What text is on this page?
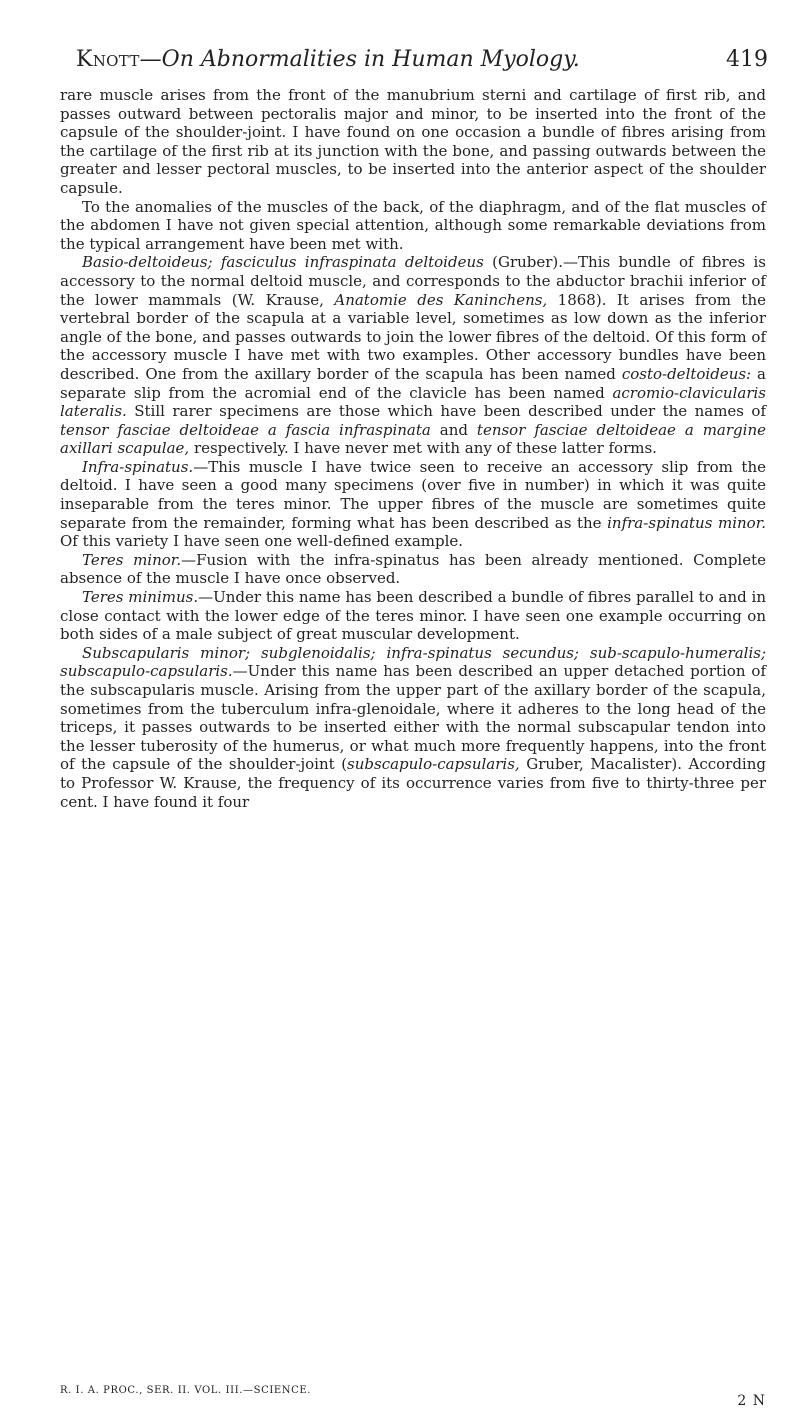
Knott—On Abnormalities in Human Myology.	419

rare muscle arises from the front of the manubrium sterni and cartilage of first rib, and passes outward between pectoralis major and minor, to be inserted into the front of the capsule of the shoulder-joint. I have found on one occasion a bundle of fibres arising from the cartilage of the first rib at its junction with the bone, and passing outwards between the greater and lesser pectoral muscles, to be inserted into the anterior aspect of the shoulder capsule.

To the anomalies of the muscles of the back, of the diaphragm, and of the flat muscles of the abdomen I have not given special attention, although some remarkable deviations from the typical arrangement have been met with.

Basio-deltoideus; fasciculus infraspinata deltoideus (Gruber).—This bundle of fibres is accessory to the normal deltoid muscle, and corresponds to the abductor brachii inferior of the lower mammals (W. Krause, Anatomie des Kaninchens, 1868). It arises from the vertebral border of the scapula at a variable level, sometimes as low down as the inferior angle of the bone, and passes outwards to join the lower fibres of the deltoid. Of this form of the accessory muscle I have met with two examples. Other accessory bundles have been described. One from the axillary border of the scapula has been named costo-deltoideus: a separate slip from the acromial end of the clavicle has been named acromio-clavicularis lateralis. Still rarer specimens are those which have been described under the names of tensor fasciae deltoideae a fascia infraspinata and tensor fasciae deltoideae a margine axillari scapulae, respectively. I have never met with any of these latter forms.

Infra-spinatus.—This muscle I have twice seen to receive an accessory slip from the deltoid. I have seen a good many specimens (over five in number) in which it was quite inseparable from the teres minor. The upper fibres of the muscle are sometimes quite separate from the remainder, forming what has been described as the infra-spinatus minor. Of this variety I have seen one well-defined example.

Teres minor.—Fusion with the infra-spinatus has been already mentioned. Complete absence of the muscle I have once observed.

Teres minimus.—Under this name has been described a bundle of fibres parallel to and in close contact with the lower edge of the teres minor. I have seen one example occurring on both sides of a male subject of great muscular development.

Subscapularis minor; subglenoidalis; infra-spinatus secundus; sub-scapulo-humeralis; subscapulo-capsularis.—Under this name has been described an upper detached portion of the subscapularis muscle. Arising from the upper part of the axillary border of the scapula, sometimes from the tuberculum infra-glenoidale, where it adheres to the long head of the triceps, it passes outwards to be inserted either with the normal subscapular tendon into the lesser tuberosity of the humerus, or what much more frequently happens, into the front of the capsule of the shoulder-joint (subscapulo-capsularis, Gruber, Macalister). According to Professor W. Krause, the frequency of its occurrence varies from five to thirty-three per cent. I have found it four

R. I. A. PROC., SER. II. VOL. III.—SCIENCE.
2 N
